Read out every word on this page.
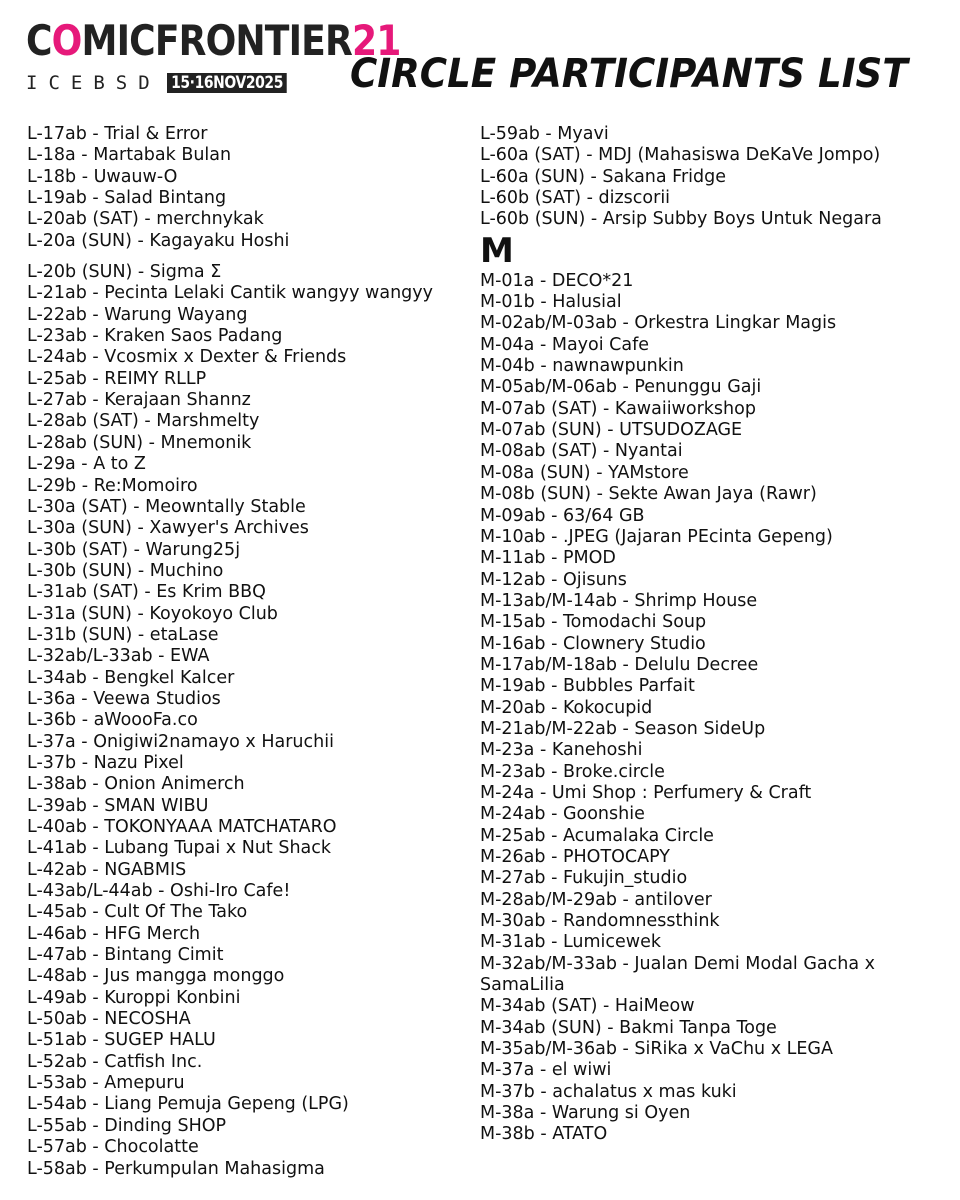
COMICFRONTIER21
ICEBSD 15·16NOV2025 CIRCLE PARTICIPANTS LIST
L-17ab - Trial & Error
L-18a - Martabak Bulan
L-18b - Uwauw-O
L-19ab - Salad Bintang
L-20ab (SAT) - merchnykak
L-20a (SUN) - Kagayaku Hoshi
L-20b (SUN) - Sigma Σ
L-21ab - Pecinta Lelaki Cantik wangyy wangyy
L-22ab - Warung Wayang
L-23ab - Kraken Saos Padang
L-24ab - Vcosmix x Dexter & Friends
L-25ab - REIMY RLLP
L-27ab - Kerajaan Shannz
L-28ab (SAT) - Marshmelty
L-28ab (SUN) - Mnemonik
L-29a - A to Z
L-29b - Re:Momoiro
L-30a (SAT) - Meowntally Stable
L-30a (SUN) - Xawyer's Archives
L-30b (SAT) - Warung25j
L-30b (SUN) - Muchino
L-31ab (SAT) - Es Krim BBQ
L-31a (SUN) - Koyokoyo Club
L-31b (SUN) - etaLase
L-32ab/L-33ab - EWA
L-34ab - Bengkel Kalcer
L-36a - Veewa Studios
L-36b - aWoooFa.co
L-37a - Onigiwi2namayo x Haruchii
L-37b - Nazu Pixel
L-38ab - Onion Animerch
L-39ab - SMAN WIBU
L-40ab - TOKONYAAA MATCHATARO
L-41ab - Lubang Tupai x Nut Shack
L-42ab - NGABMIS
L-43ab/L-44ab - Oshi-Iro Cafe!
L-45ab - Cult Of The Tako
L-46ab - HFG Merch
L-47ab - Bintang Cimit
L-48ab - Jus mangga monggo
L-49ab - Kuroppi Konbini
L-50ab - NECOSHA
L-51ab - SUGEP HALU
L-52ab - Catfish Inc.
L-53ab - Amepuru
L-54ab - Liang Pemuja Gepeng (LPG)
L-55ab - Dinding SHOP
L-57ab - Chocolatte
L-58ab - Perkumpulan Mahasigma
L-59ab - Myavi
L-60a (SAT) - MDJ (Mahasiswa DeKaVe Jompo)
L-60a (SUN) - Sakana Fridge
L-60b (SAT) - dizscorii
L-60b (SUN) - Arsip Subby Boys Untuk Negara
M
M-01a - DECO*21
M-01b - Halusial
M-02ab/M-03ab - Orkestra Lingkar Magis
M-04a - Mayoi Cafe
M-04b - nawnawpunkin
M-05ab/M-06ab - Penunggu Gaji
M-07ab (SAT) - Kawaiiworkshop
M-07ab (SUN) - UTSUDOZAGE
M-08ab (SAT) - Nyantai
M-08a (SUN) - YAMstore
M-08b (SUN) - Sekte Awan Jaya (Rawr)
M-09ab - 63/64 GB
M-10ab - .JPEG (Jajaran PEcinta Gepeng)
M-11ab - PMOD
M-12ab - Ojisuns
M-13ab/M-14ab - Shrimp House
M-15ab - Tomodachi Soup
M-16ab - Clownery Studio
M-17ab/M-18ab - Delulu Decree
M-19ab - Bubbles Parfait
M-20ab - Kokocupid
M-21ab/M-22ab - Season SideUp
M-23a - Kanehoshi
M-23ab - Broke.circle
M-24a - Umi Shop : Perfumery & Craft
M-24ab - Goonshie
M-25ab - Acumalaka Circle
M-26ab - PHOTOCAPY
M-27ab - Fukujin_studio
M-28ab/M-29ab - antilover
M-30ab - Randomnessthink
M-31ab - Lumicewek
M-32ab/M-33ab - Jualan Demi Modal Gacha x SamaLilia
M-34ab (SAT) - HaiMeow
M-34ab (SUN) - Bakmi Tanpa Toge
M-35ab/M-36ab - SiRika x VaChu x LEGA
M-37a - el wiwi
M-37b - achalatus x mas kuki
M-38a - Warung si Oyen
M-38b - ATATO
